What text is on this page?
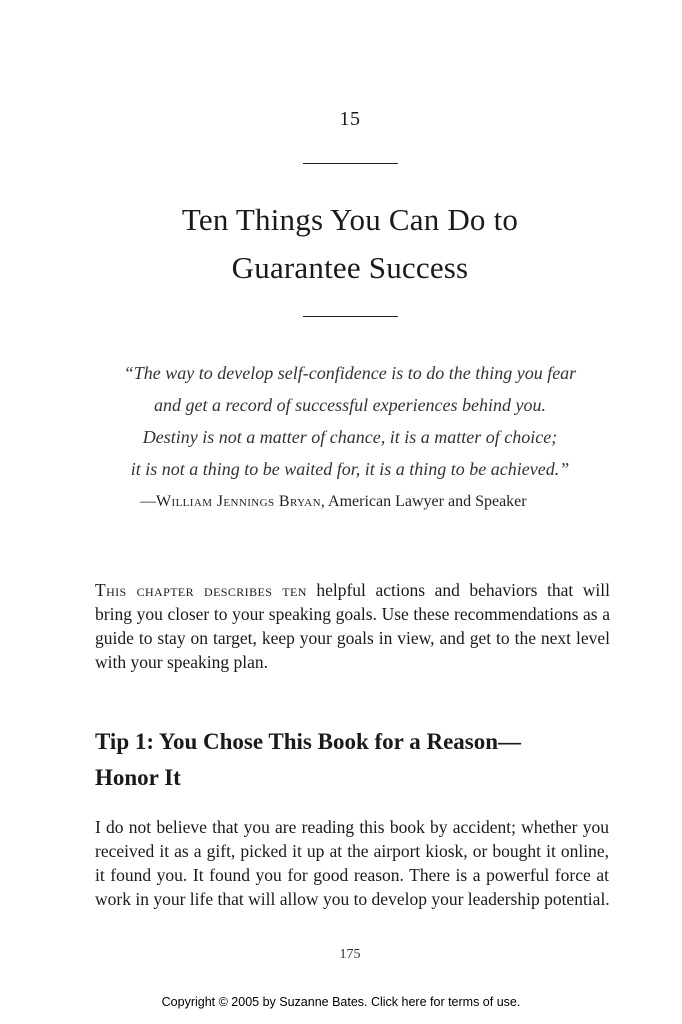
15
Ten Things You Can Do to
Guarantee Success
“The way to develop self-confidence is to do the thing you fear
and get a record of successful experiences behind you.
Destiny is not a matter of chance, it is a matter of choice;
it is not a thing to be waited for, it is a thing to be achieved.”
—William Jennings Bryan, American Lawyer and Speaker
This chapter describes ten helpful actions and behaviors that will
bring you closer to your speaking goals. Use these recommendations as a
guide to stay on target, keep your goals in view, and get to the next level
with your speaking plan.
Tip 1: You Chose This Book for a Reason—
Honor It
I do not believe that you are reading this book by accident; whether you
received it as a gift, picked it up at the airport kiosk, or bought it online,
it found you. It found you for good reason. There is a powerful force at
work in your life that will allow you to develop your leadership potential.
175
Copyright © 2005 by Suzanne Bates. Click here for terms of use.
